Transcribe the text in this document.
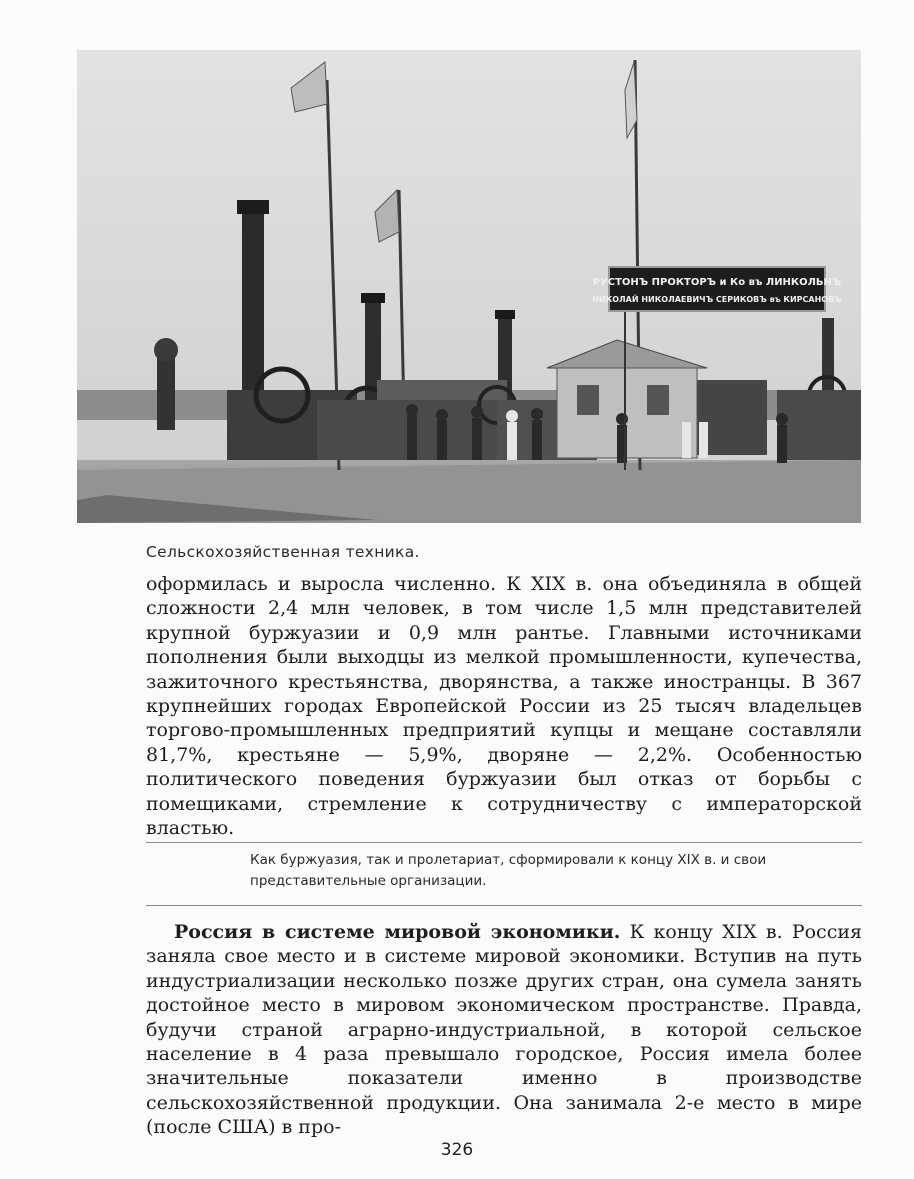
РУСТОНЪ ПРОКТОРЪ и Ко въ ЛИНКОЛЬНЪ
НИКОЛАЙ НИКОЛАЕВИЧЪ СЕРИКОВЪ въ КИРСАНОВЪ
Сельскохозяйственная техника.
оформилась и выросла численно. К XIX в. она объединяла в общей сложности 2,4 млн человек, в том числе 1,5 млн представителей крупной буржуазии и 0,9 млн рантье. Главными источниками пополнения были выходцы из мелкой промышленности, купечества, зажиточного крестьянства, дворянства, а также иностранцы. В 367 крупнейших городах Европейской России из 25 тысяч владельцев торгово-промышленных предприятий купцы и мещане составляли 81,7%, крестьяне — 5,9%, дворяне — 2,2%. Особенностью политического поведения буржуазии был отказ от борьбы с помещиками, стремление к сотрудничеству с императорской властью.
Как буржуазия, так и пролетариат, сформировали к концу XIX в. и свои представительные организации.
Россия в системе мировой экономики. К концу XIX в. Россия заняла свое место и в системе мировой экономики. Вступив на путь индустриализации несколько позже других стран, она сумела занять достойное место в мировом экономическом пространстве. Правда, будучи страной аграрно-индустриальной, в которой сельское население в 4 раза превышало городское, Россия имела более значительные показатели именно в производстве сельскохозяйственной продукции. Она занимала 2-е место в мире (после США) в про-
326
